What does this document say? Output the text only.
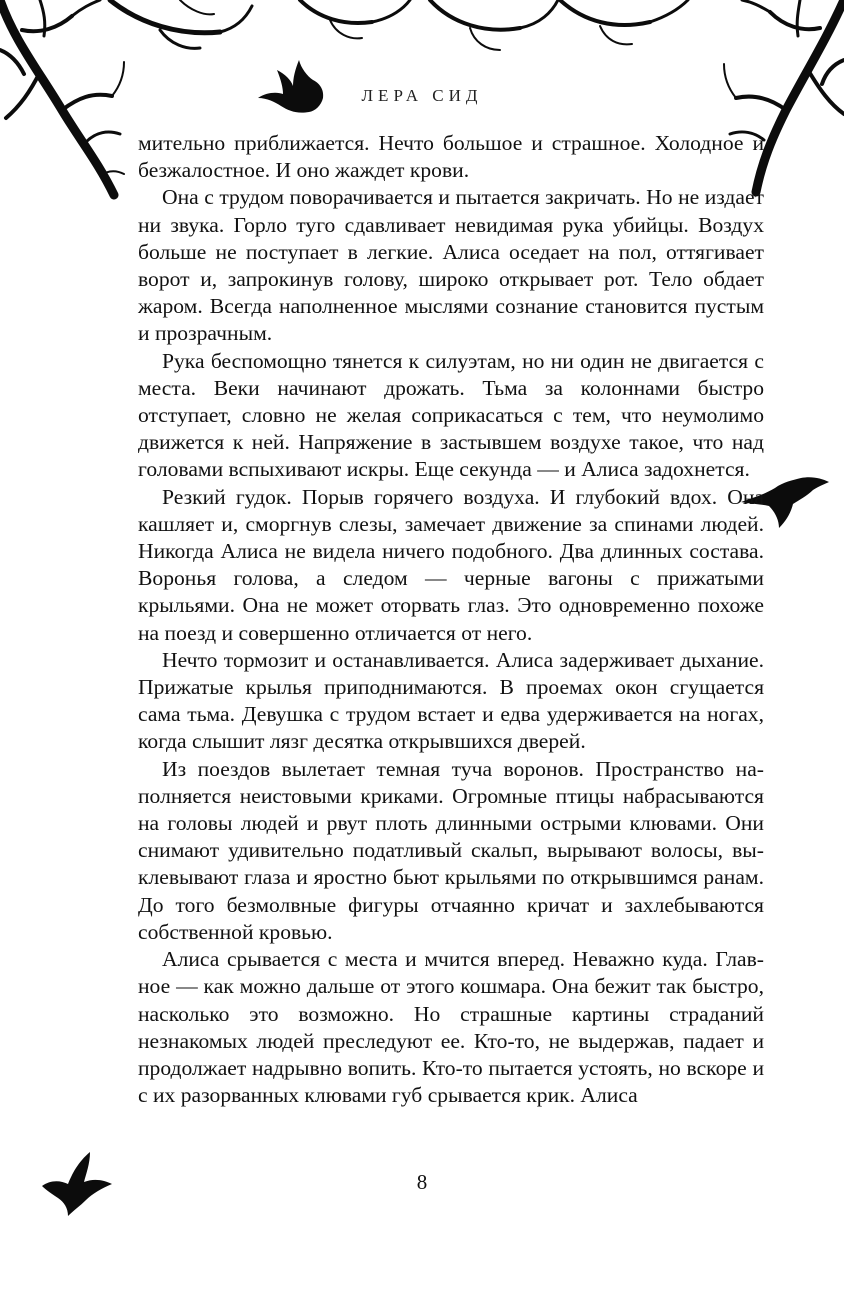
ЛЕРА СИД

мительно приближается. Нечто большое и страшное. Холодное и безжалостное. И оно жаждет крови.

Она с трудом поворачивается и пытается закричать. Но не издает ни звука. Горло туго сдавливает невидимая рука убийцы. Воздух больше не поступает в легкие. Алиса оседает на пол, оттягивает ворот и, запрокинув голову, широко открывает рот. Тело обдает жаром. Всегда наполненное мыслями сознание становится пустым и прозрачным.

Рука беспомощно тянется к силуэтам, но ни один не двигается с места. Веки начинают дрожать. Тьма за колоннами быстро отступает, словно не желая соприкасаться с тем, что неумолимо движется к ней. Напряжение в застывшем воздухе такое, что над головами вспыхивают искры. Еще секунда — и Алиса задохнется.

Резкий гудок. Порыв горячего воздуха. И глубокий вдох. Она кашляет и, сморгнув слезы, замечает движение за спинами людей. Никогда Алиса не видела ничего подобного. Два длинных состава. Воронья голова, а следом — черные вагоны с прижатыми крыльями. Она не может оторвать глаз. Это одновременно похоже на поезд и совершенно отличается от него.

Нечто тормозит и останавливается. Алиса задерживает дыхание. Прижатые крылья приподнимаются. В проемах окон сгущается сама тьма. Девушка с трудом встает и едва удерживается на ногах, когда слышит лязг десятка открывшихся дверей.

Из поездов вылетает темная туча воронов. Пространство наполняется неистовыми криками. Огромные птицы набрасываются на головы людей и рвут плоть длинными острыми клювами. Они снимают удивительно податливый скальп, вырывают волосы, выклевывают глаза и яростно бьют крыльями по открывшимся ранам. До того безмолвные фигуры отчаянно кричат и захлебываются собственной кровью.

Алиса срывается с места и мчится вперед. Неважно куда. Главное — как можно дальше от этого кошмара. Она бежит так быстро, насколько это возможно. Но страшные картины страданий незнакомых людей преследуют ее. Кто-то, не выдержав, падает и продолжает надрывно вопить. Кто-то пытается устоять, но вскоре и с их разорванных клювами губ срывается крик. Алиса

8
